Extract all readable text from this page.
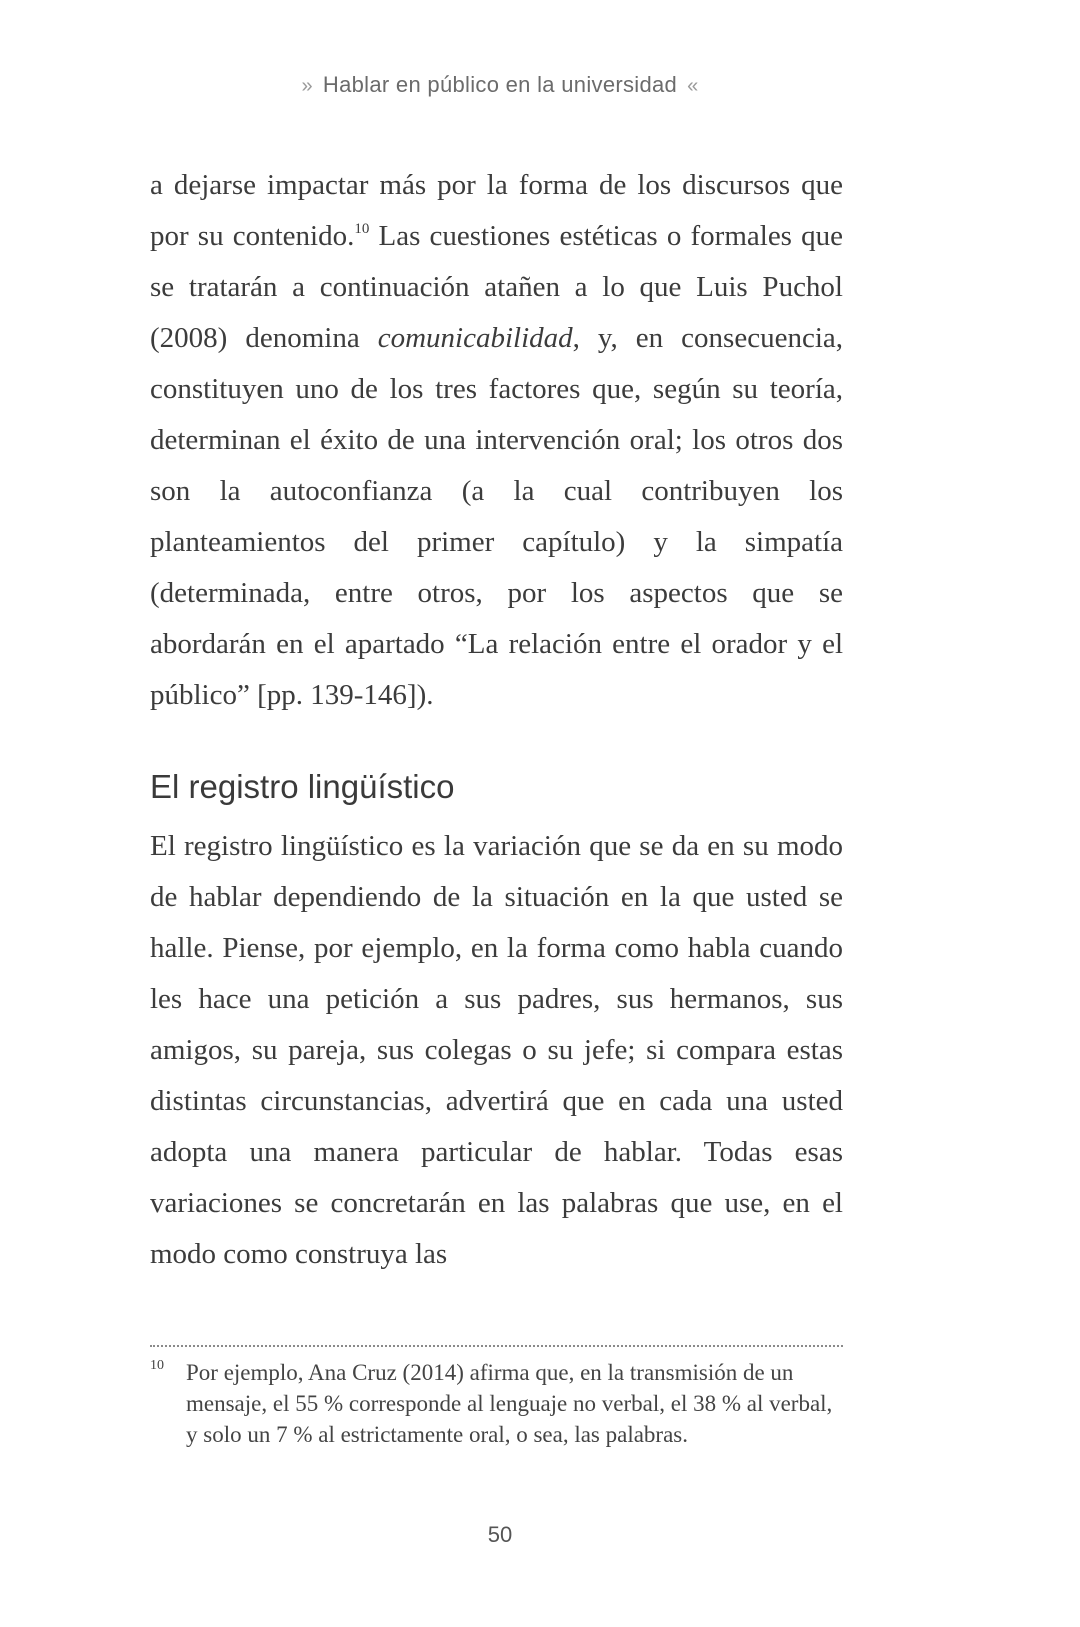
» Hablar en público en la universidad «

a dejarse impactar más por la forma de los discursos que por su contenido.$^{10}$ Las cuestiones estéticas o formales que se tratarán a continuación atañen a lo que Luis Puchol (2008) denomina comunicabilidad, y, en consecuencia, constituyen uno de los tres factores que, según su teoría, determinan el éxito de una intervención oral; los otros dos son la autoconfianza (a la cual contribuyen los planteamientos del primer capítulo) y la simpatía (determinada, entre otros, por los aspectos que se abordarán en el apartado “La relación entre el orador y el público” [pp. 139-146]).

El registro lingüístico

El registro lingüístico es la variación que se da en su modo de hablar dependiendo de la situación en la que usted se halle. Piense, por ejemplo, en la forma como habla cuando les hace una petición a sus padres, sus hermanos, sus amigos, su pareja, sus colegas o su jefe; si compara estas distintas circunstancias, advertirá que en cada una usted adopta una manera particular de hablar. Todas esas variaciones se concretarán en las palabras que use, en el modo como construya las

10 Por ejemplo, Ana Cruz (2014) afirma que, en la transmisión de un mensaje, el 55 % corresponde al lenguaje no verbal, el 38 % al verbal, y solo un 7 % al estrictamente oral, o sea, las palabras.
50
